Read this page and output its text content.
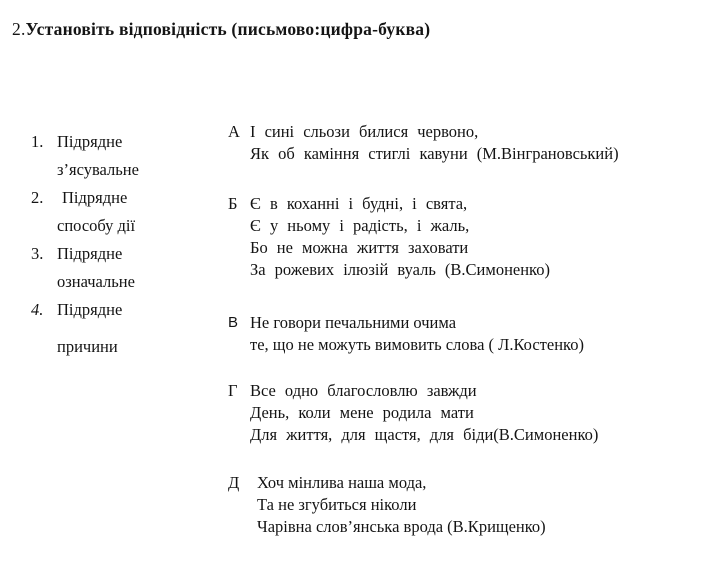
2.Установіть відповідність (письмово:цифра-буква)
1. Підрядне
з’ясувальне
2.	Підрядне
способу дії
3. Підрядне
означальне
4. Підрядне
причини
А І сині сльози билися червоно,
Як об каміння стиглі кавуни (М.Вінграновський)
Б Є в коханні і будні, і свята,
Є у ньому і радість, і жаль,
Бо не можна життя заховати
За рожевих ілюзій вуаль (В.Симоненко)
В Не говори печальними очима
те, що не можуть вимовить слова ( Л.Костенко)
Г Все одно благословлю завжди
День, коли мене родила мати
Для життя, для щастя, для біди(В.Симоненко)
Д	Хоч мінлива наша мода,
Та не згубиться ніколи
Чарівна слов’янська врода (В.Крищенко)
